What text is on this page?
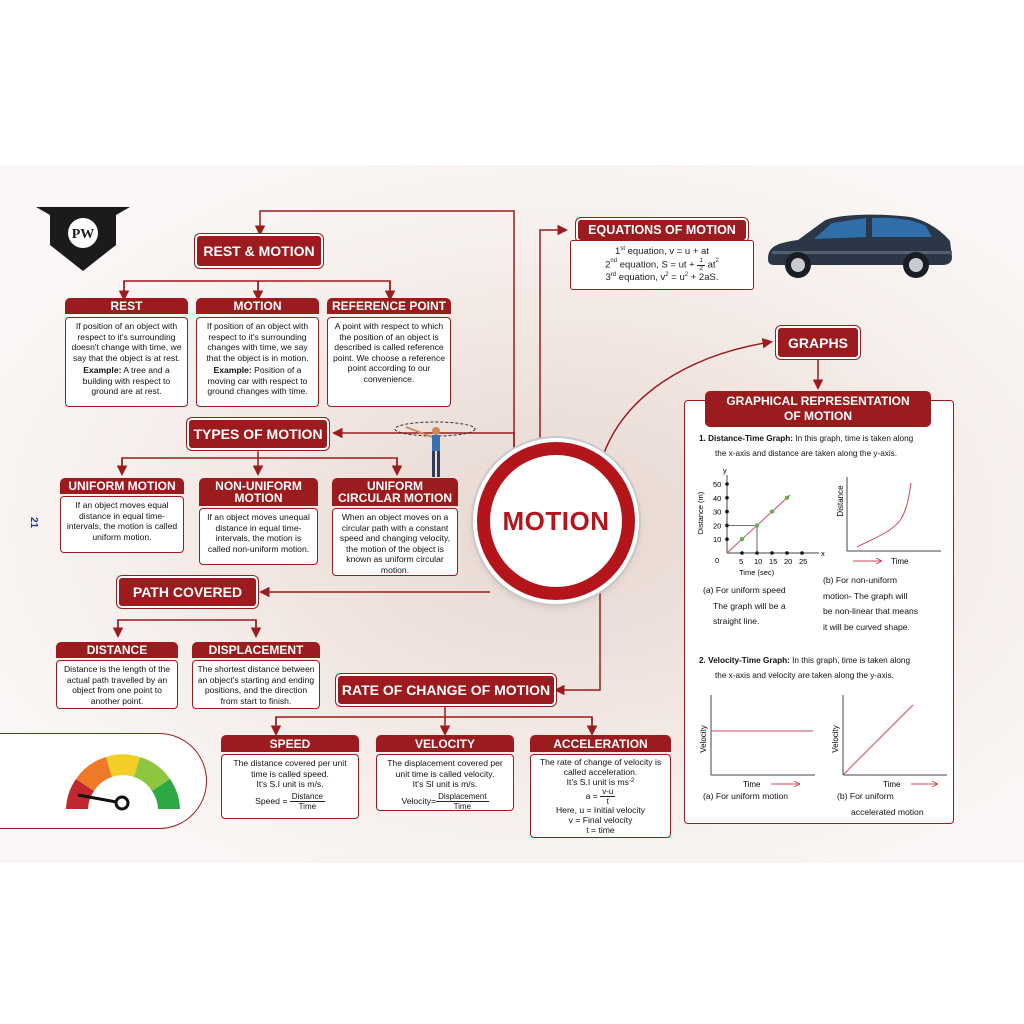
PW
21
REST & MOTION
REST
If position of an object with respect to it's surrounding doesn't change with time, we say that the object is at rest.
Example: A tree and a building with respect to ground are at rest.
MOTION
If position of an object with respect to it's surrounding changes with time, we say that the object is in motion.
Example: Position of a moving car with respect to ground changes with time.
REFERENCE POINT
A point with respect to which the position of an object is described is called reference point. We choose a reference point according to our convenience.
TYPES OF MOTION
UNIFORM MOTION
If an object moves equal distance in equal time-intervals, the motion is called uniform motion.
NON-UNIFORM MOTION
If an object moves unequal distance in equal time-intervals, the motion is called non-uniform motion.
UNIFORM CIRCULAR MOTION
When an object moves on a circular path with a constant speed and changing velocity, the motion of the object is known as uniform circular motion.
PATH COVERED
DISTANCE
Distance is the length of the actual path travelled by an object from one point to another point.
DISPLACEMENT
The shortest distance between an object's starting and ending positions, and the direction from start to finish.
MOTION
RATE OF CHANGE OF MOTION
SPEED
The distance covered per unit time is called speed.
It's S.I unit is m/s.
Speed = $\frac{\text{Distance}}{\text{Time}}$
VELOCITY
The displacement covered per unit time is called velocity.
It's SI unit is m/s.
Velocity= $\frac{\text{Displacement}}{\text{Time}}$
ACCELERATION
The rate of change of velocity is called acceleration.
It's S.I unit is $ms^{-2}$
$a = \frac{v-u}{t}$
Here, u = Initial velocity
v = Final velocity
t = time
EQUATIONS OF MOTION
1st equation, v = u + at
2nd equation, S = ut + $\frac{1}{2} at^2$
3rd equation, $v^2 = u^2 + 2aS$.
GRAPHS
GRAPHICAL REPRESENTATION
OF MOTION
1. Distance-Time Graph: In this graph, time is taken along
the x-axis and distance are taken along the y-axis.
y
x
0
10
20
30
40
50
5 10 15 20 25
Time (sec)
Distance (m)	Distance
Time
(a) For uniform speed
The graph will be a
straight line.
(b) For non-uniform
motion- The graph will
be non-linear that means
it will be curved shape.
2. Velocity-Time Graph: In this graph, time is taken along
the x-axis and velocity are taken along the y-axis.
Velocity
Time
Velocity
Time
(a) For uniform motion	(b) For uniform
accelerated motion
